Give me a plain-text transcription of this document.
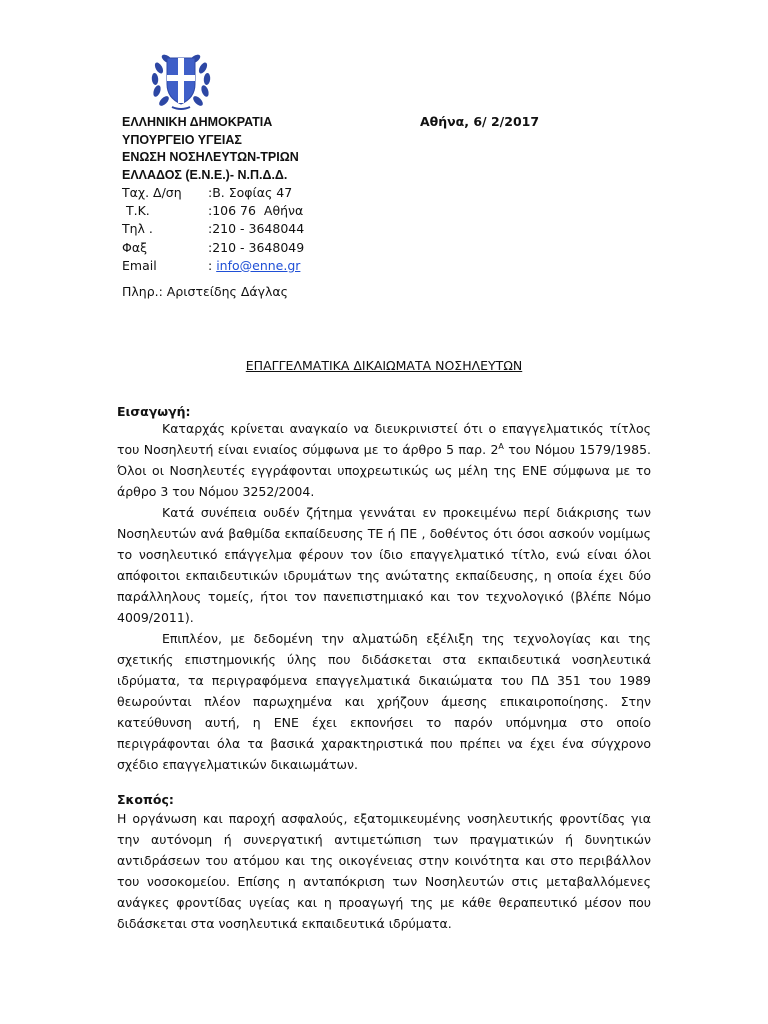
ΕΛΛΗΝΙΚΗ ΔΗΜΟΚΡΑΤΙΑ
ΥΠΟΥΡΓΕΙΟ ΥΓΕΙΑΣ
ΕΝΩΣΗ ΝΟΣΗΛΕΥΤΩΝ-ΤΡΙΩΝ
ΕΛΛΑΔΟΣ (Ε.Ν.Ε.)- Ν.Π.Δ.Δ.
Αθήνα, 6/ 2/2017
Ταχ. Δ/ση :Β. Σοφίας 47
Τ.Κ.	:106 76  Αθήνα
Τηλ .	:210 - 3648044
Φαξ	:210 - 3648049
Email	: info@enne.gr
Πληρ.: Αριστείδης Δάγλας
ΕΠΑΓΓΕΛΜΑΤΙΚΑ ΔΙΚΑΙΩΜΑΤΑ ΝΟΣΗΛΕΥΤΩΝ
Εισαγωγή:

Καταρχάς κρίνεται αναγκαίο να διευκρινιστεί ότι ο επαγγελματικός τίτλος του Νοσηλευτή είναι ενιαίος σύμφωνα με το άρθρο 5 παρ. $2^A$ του Νόμου 1579/1985. Όλοι οι Νοσηλευτές εγγράφονται υποχρεωτικώς ως μέλη της ΕΝΕ σύμφωνα με το άρθρο 3 του Νόμου 3252/2004.

Κατά συνέπεια ουδέν ζήτημα γεννάται εν προκειμένω περί διάκρισης των Νοσηλευτών ανά βαθμίδα εκπαίδευσης ΤΕ ή ΠΕ , δοθέντος ότι όσοι ασκούν νομίμως το νοσηλευτικό επάγγελμα φέρουν τον ίδιο επαγγελματικό τίτλο, ενώ είναι όλοι απόφοιτοι εκπαιδευτικών ιδρυμάτων της ανώτατης εκπαίδευσης, η οποία έχει δύο παράλληλους τομείς, ήτοι τον πανεπιστημιακό και τον τεχνολογικό (βλέπε Νόμο 4009/2011).

Επιπλέον, με δεδομένη την αλματώδη εξέλιξη της τεχνολογίας και της σχετικής επιστημονικής ύλης που διδάσκεται στα εκπαιδευτικά νοσηλευτικά ιδρύματα, τα περιγραφόμενα επαγγελματικά δικαιώματα του ΠΔ 351 του 1989 θεωρούνται πλέον παρωχημένα και χρήζουν άμεσης επικαιροποίησης. Στην κατεύθυνση αυτή, η ΕΝΕ έχει εκπονήσει το παρόν υπόμνημα στο οποίο περιγράφονται όλα τα βασικά χαρακτηριστικά που πρέπει να έχει ένα σύγχρονο σχέδιο επαγγελματικών δικαιωμάτων.

Σκοπός:

Η οργάνωση και παροχή ασφαλούς, εξατομικευμένης νοσηλευτικής φροντίδας για την αυτόνομη ή συνεργατική αντιμετώπιση των πραγματικών ή δυνητικών αντιδράσεων του ατόμου και της οικογένειας στην κοινότητα και στο περιβάλλον του νοσοκομείου. Επίσης η ανταπόκριση των Νοσηλευτών στις μεταβαλλόμενες ανάγκες φροντίδας υγείας και η προαγωγή της με κάθε θεραπευτικό μέσον που διδάσκεται στα νοσηλευτικά εκπαιδευτικά ιδρύματα.
